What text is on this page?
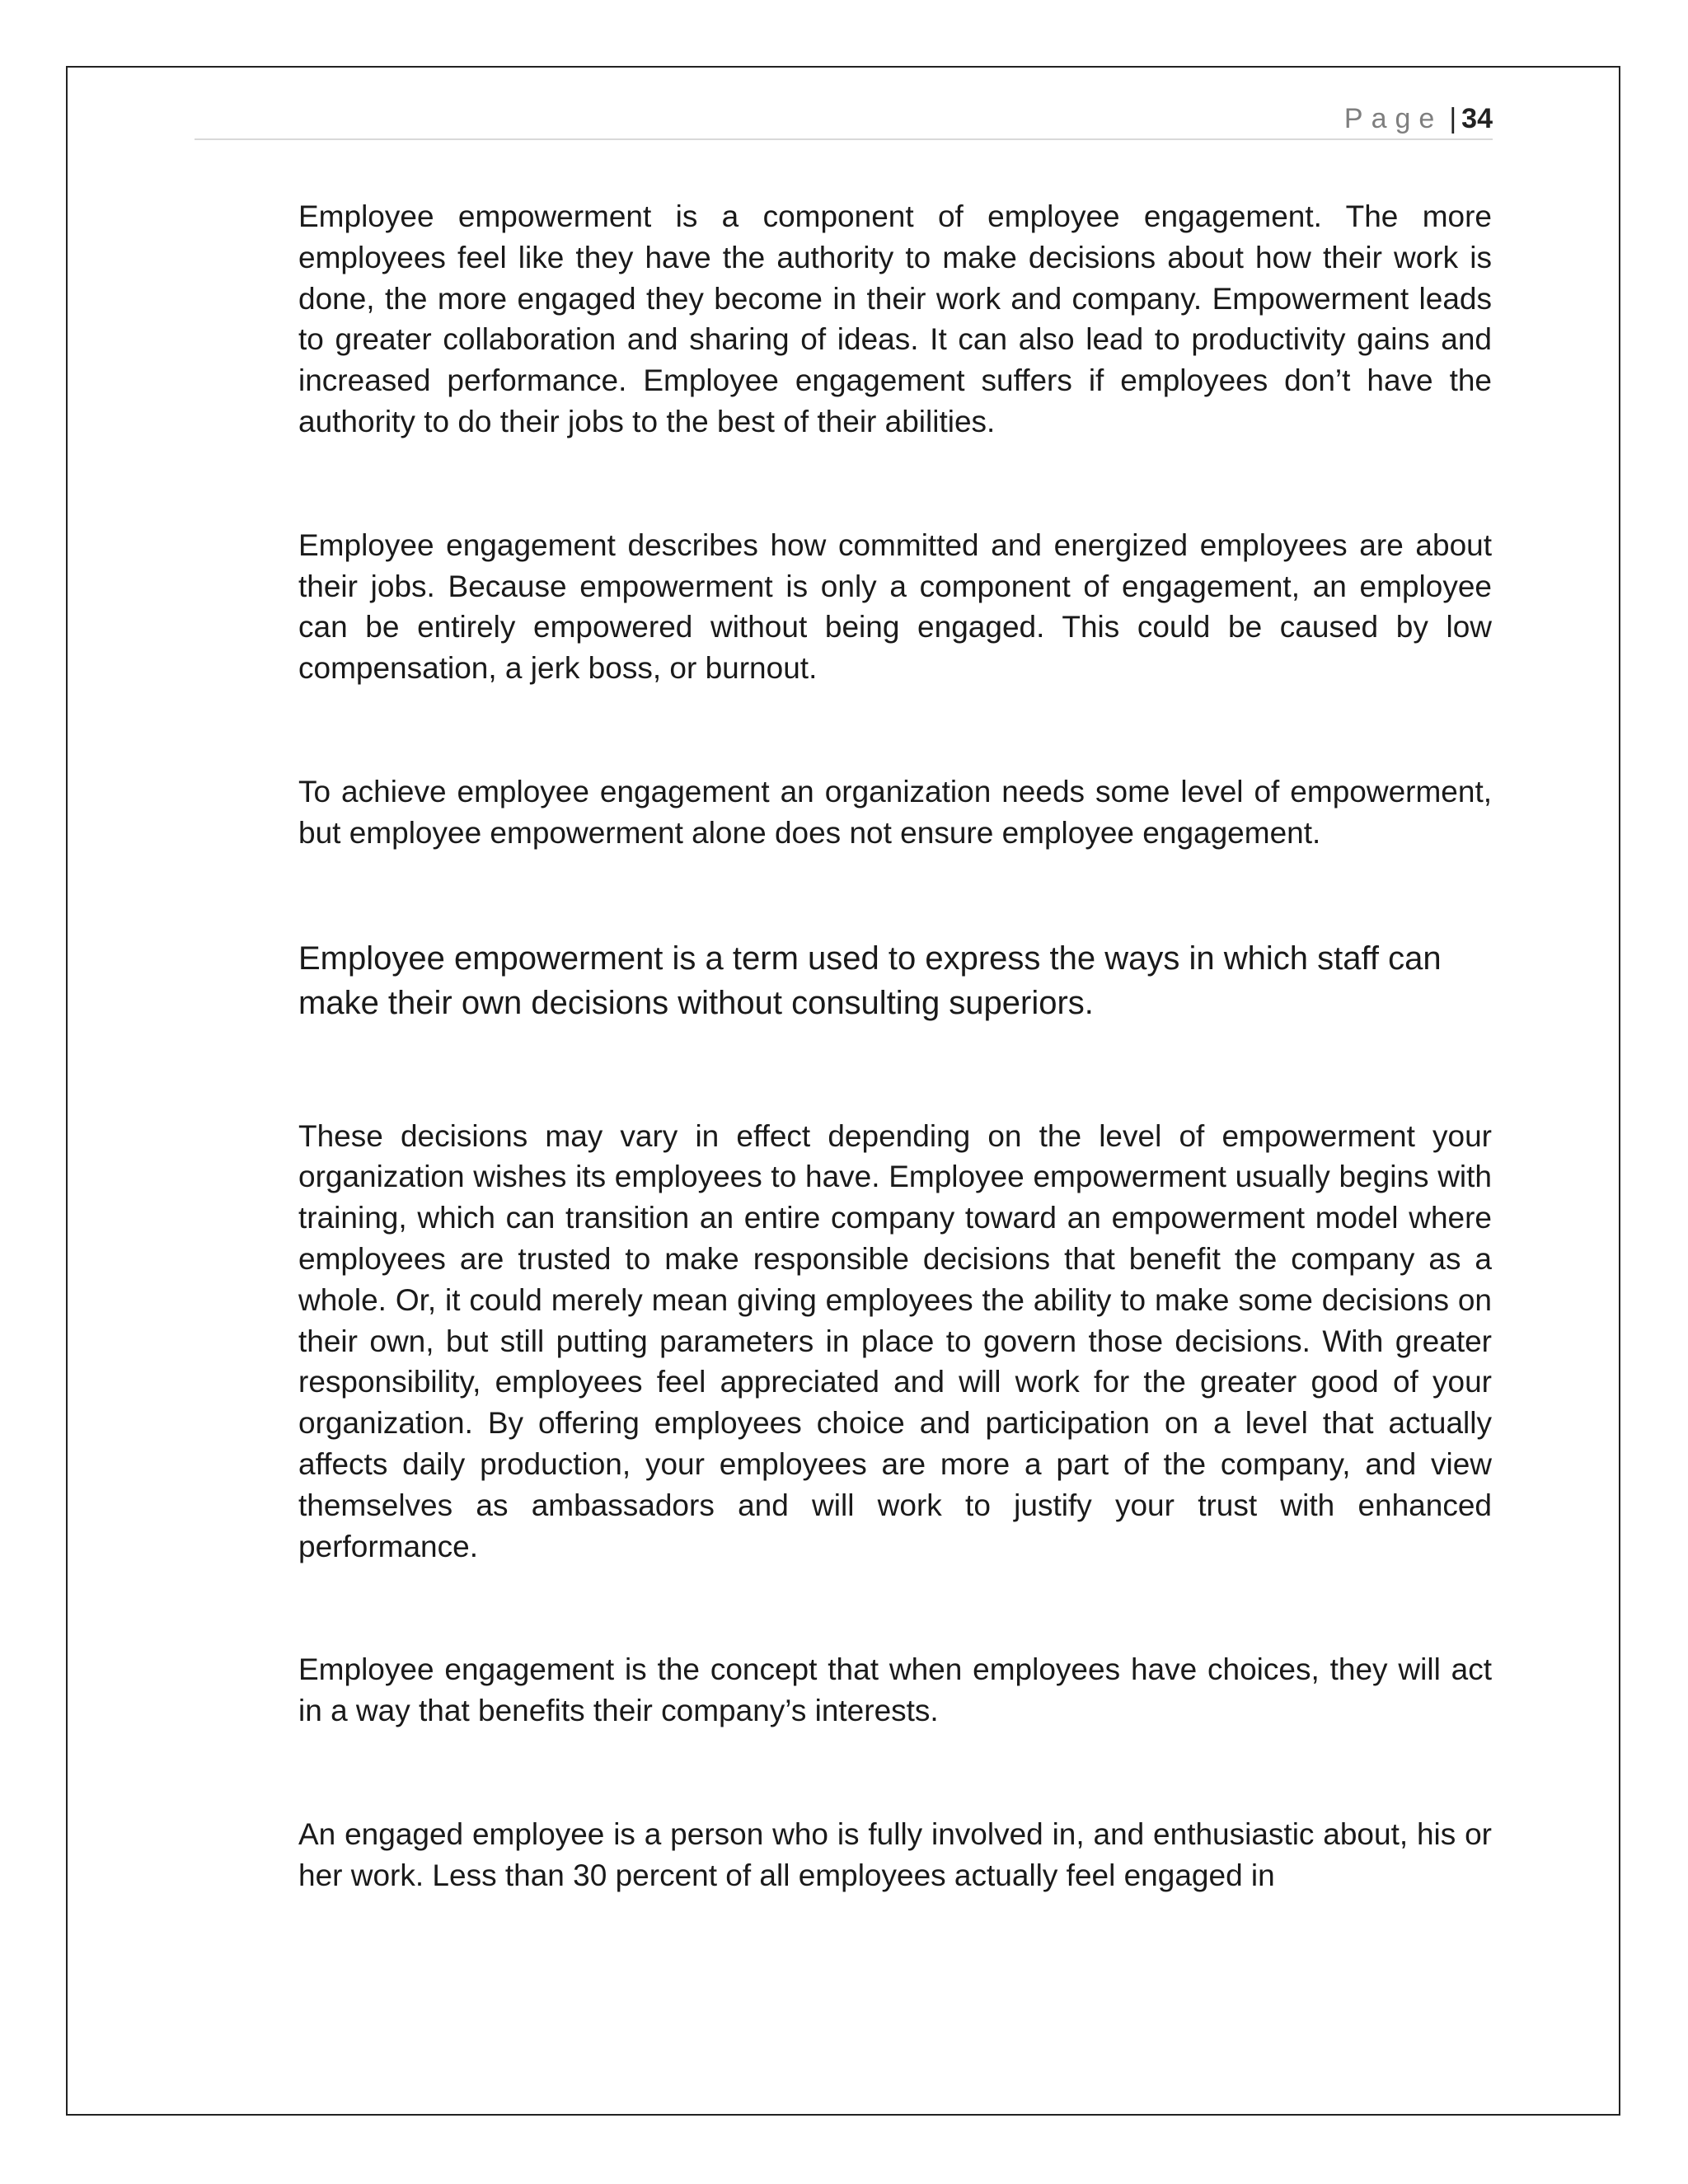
Page | 34

Employee empowerment is a component of employee engagement. The more employees feel like they have the authority to make decisions about how their work is done, the more engaged they become in their work and company. Empowerment leads to greater collaboration and sharing of ideas. It can also lead to productivity gains and increased performance. Employee engagement suffers if employees don’t have the authority to do their jobs to the best of their abilities.

Employee engagement describes how committed and energized employees are about their jobs. Because empowerment is only a component of engagement, an employee can be entirely empowered without being engaged. This could be caused by low compensation, a jerk boss, or burnout.

To achieve employee engagement an organization needs some level of empowerment, but employee empowerment alone does not ensure employee engagement.

Employee empowerment is a term used to express the ways in which staff can make their own decisions without consulting superiors.

These decisions may vary in effect depending on the level of empowerment your organization wishes its employees to have. Employee empowerment usually begins with training, which can transition an entire company toward an empowerment model where employees are trusted to make responsible decisions that benefit the company as a whole. Or, it could merely mean giving employees the ability to make some decisions on their own, but still putting parameters in place to govern those decisions. With greater responsibility, employees feel appreciated and will work for the greater good of your organization. By offering employees choice and participation on a level that actually affects daily production, your employees are more a part of the company, and view themselves as ambassadors and will work to justify your trust with enhanced performance.

Employee engagement is the concept that when employees have choices, they will act in a way that benefits their company’s interests.

An engaged employee is a person who is fully involved in, and enthusiastic about, his or her work. Less than 30 percent of all employees actually feel engaged in
